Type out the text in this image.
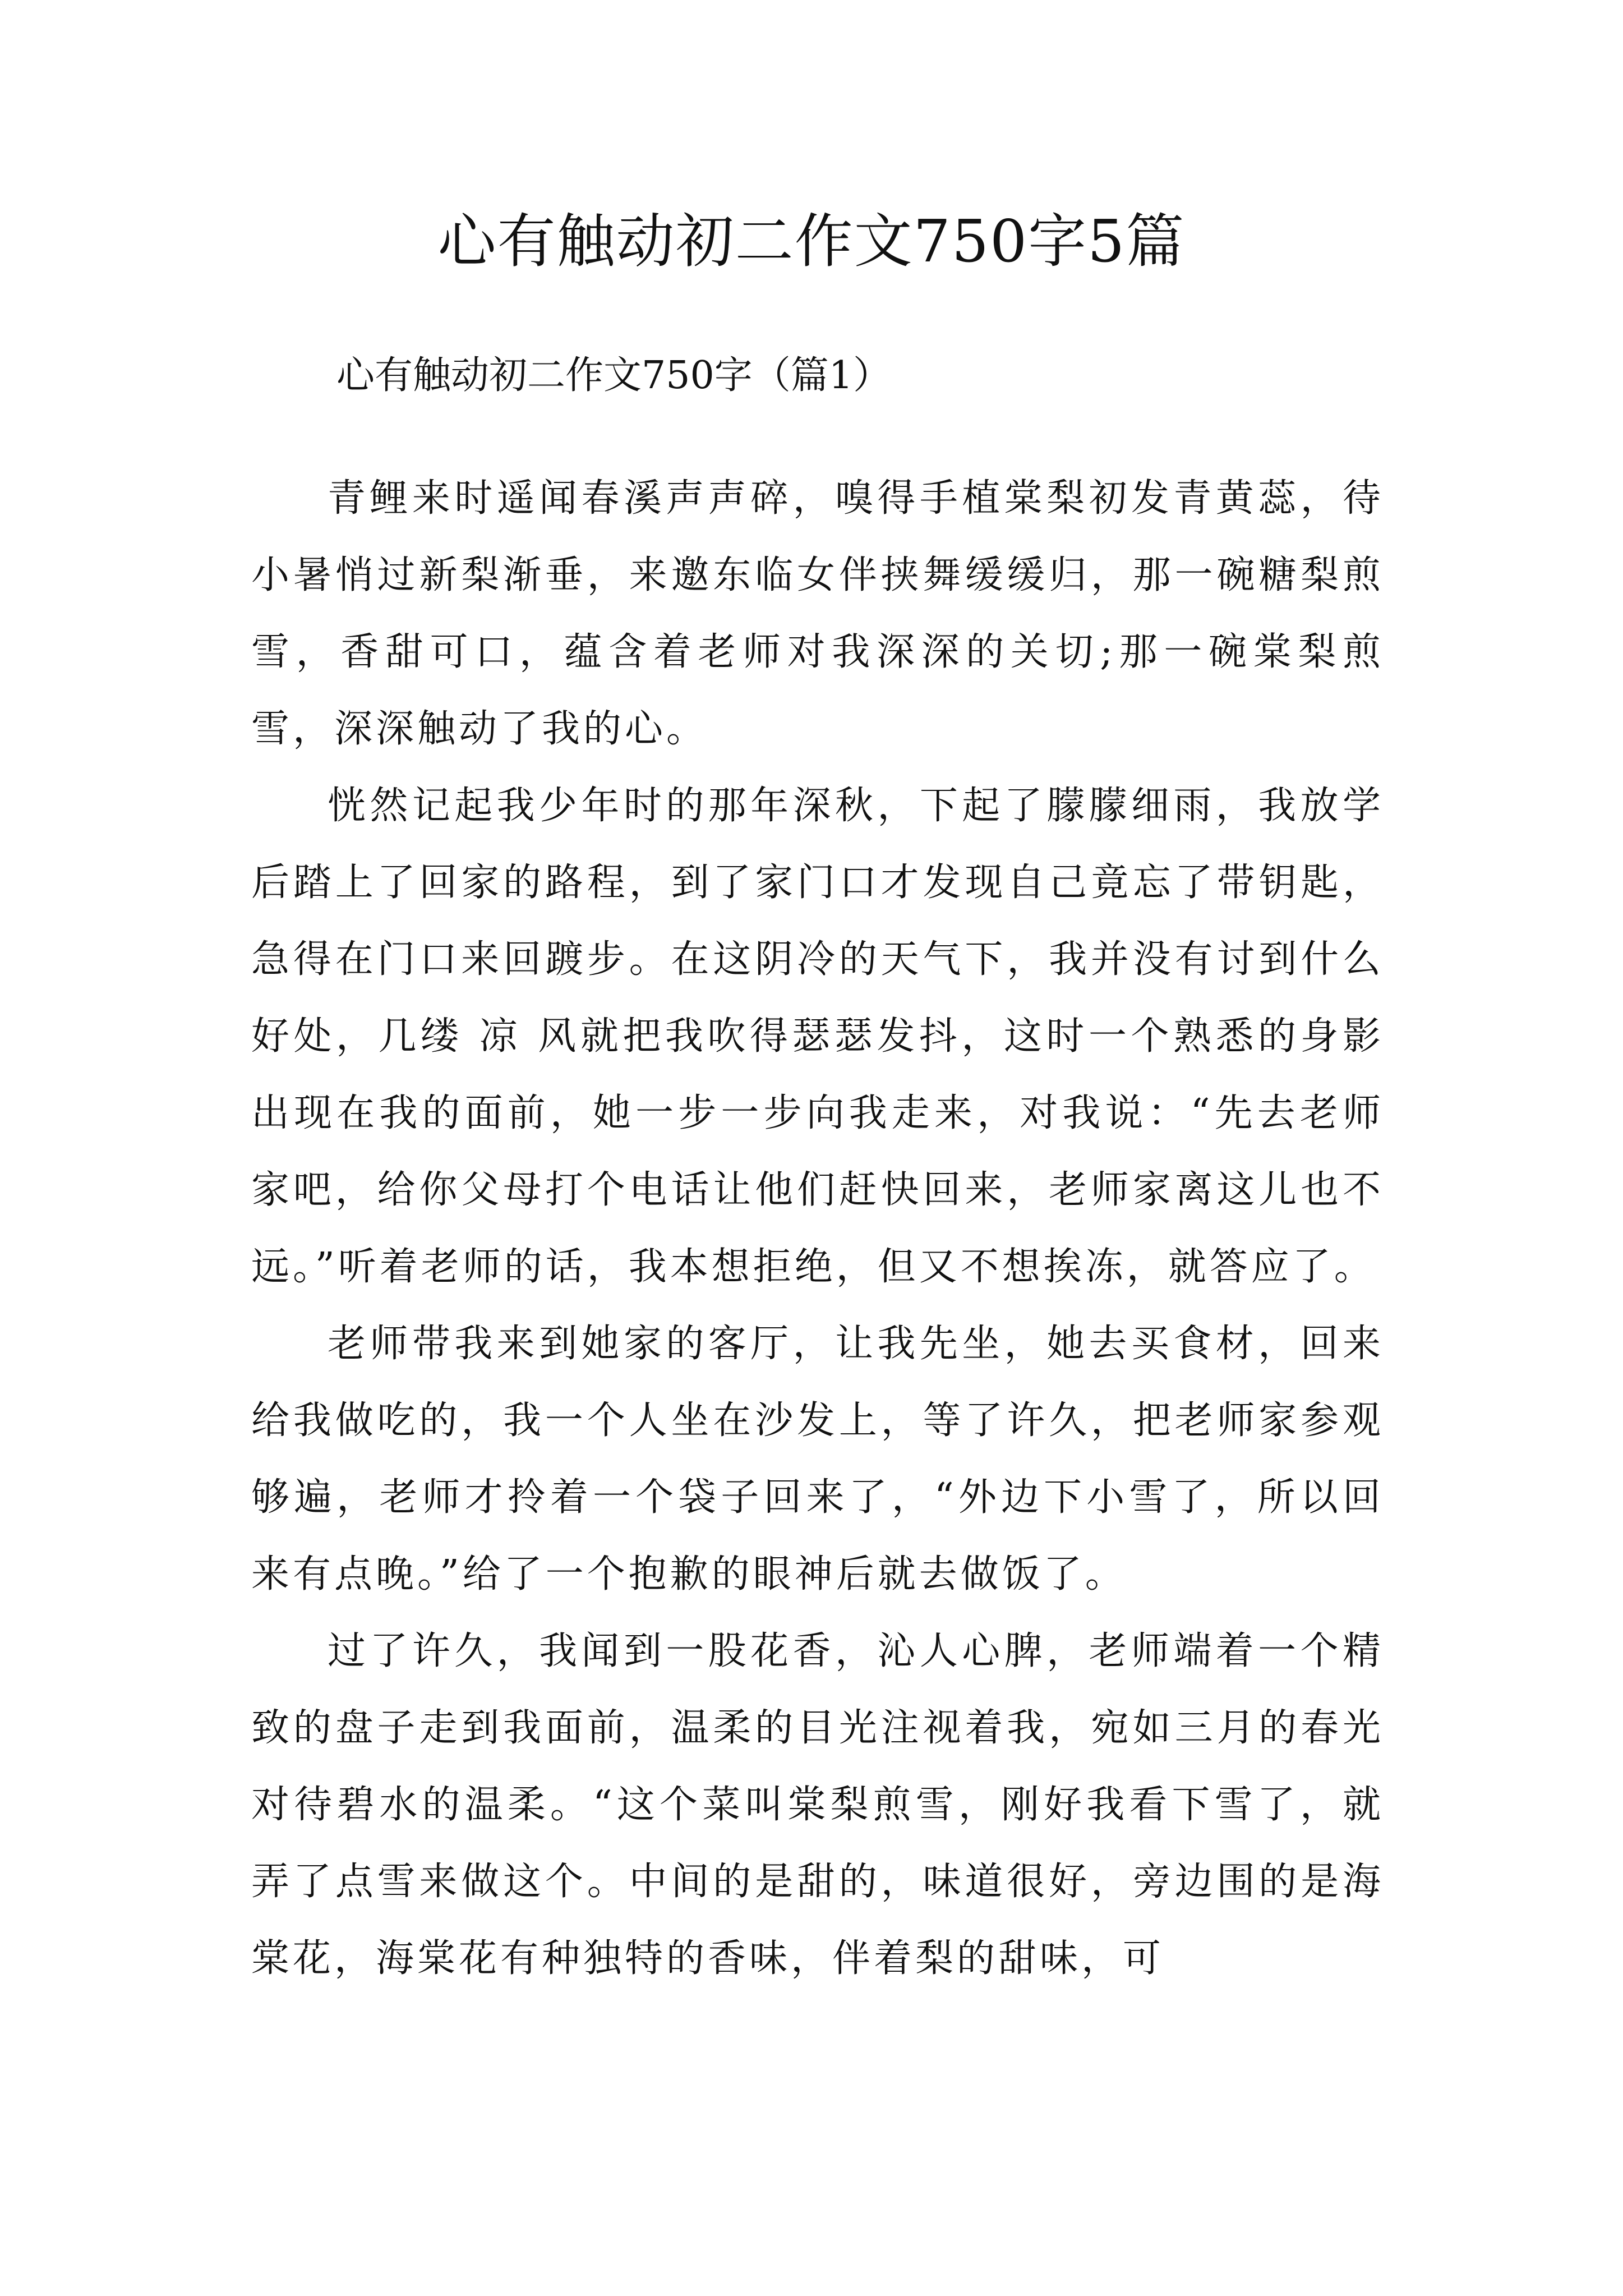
心有触动初二作文750字5篇

心有触动初二作文750字（篇1）

青鲤来时遥闻春溪声声碎，嗅得手植棠梨初发青黄蕊，待小暑悄过新梨渐垂，来邀东临女伴挟舞缓缓归，那一碗糖梨煎雪，香甜可口，蕴含着老师对我深深的关切;那一碗棠梨煎雪，深深触动了我的心。

恍然记起我少年时的那年深秋，下起了朦朦细雨，我放学后踏上了回家的路程，到了家门口才发现自己竟忘了带钥匙，急得在门口来回踱步。在这阴冷的天气下，我并没有讨到什么好处，几缕 凉 风就把我吹得瑟瑟发抖，这时一个熟悉的身影出现在我的面前，她一步一步向我走来，对我说：“先去老师家吧，给你父母打个电话让他们赶快回来，老师家离这儿也不远。”听着老师的话，我本想拒绝，但又不想挨冻，就答应了。

老师带我来到她家的客厅，让我先坐，她去买食材，回来给我做吃的，我一个人坐在沙发上，等了许久，把老师家参观够遍，老师才拎着一个袋子回来了，“外边下小雪了，所以回来有点晚。”给了一个抱歉的眼神后就去做饭了。

过了许久，我闻到一股花香，沁人心脾，老师端着一个精致的盘子走到我面前，温柔的目光注视着我，宛如三月的春光对待碧水的温柔。“这个菜叫棠梨煎雪，刚好我看下雪了，就弄了点雪来做这个。中间的是甜的，味道很好，旁边围的是海棠花，海棠花有种独特的香味，伴着梨的甜味，可
